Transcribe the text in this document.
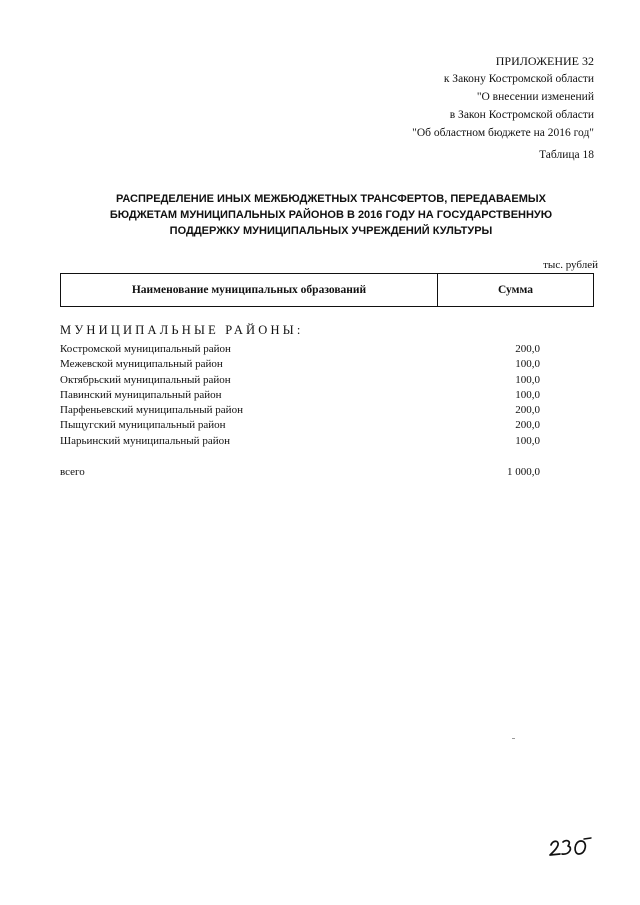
ПРИЛОЖЕНИЕ 32
к Закону Костромской области
"О внесении изменений
в Закон Костромской области
"Об областном бюджете на 2016 год"
Таблица 18
РАСПРЕДЕЛЕНИЕ ИНЫХ МЕЖБЮДЖЕТНЫХ ТРАНСФЕРТОВ, ПЕРЕДАВАЕМЫХ
БЮДЖЕТАМ МУНИЦИПАЛЬНЫХ РАЙОНОВ В 2016 ГОДУ НА ГОСУДАРСТВЕННУЮ
ПОДДЕРЖКУ МУНИЦИПАЛЬНЫХ УЧРЕЖДЕНИЙ КУЛЬТУРЫ
тыс. рублей
Наименование муниципальных образований	Сумма
МУНИЦИПАЛЬНЫЕ РАЙОНЫ:
Костромской муниципальный район	200,0
Межевской муниципальный район	100,0
Октябрьский муниципальный район	100,0
Павинский муниципальный район	100,0
Парфеньевский муниципальный район	200,0
Пыщугский муниципальный район	200,0
Шарьинский муниципальный район	100,0
всего	1 000,0
